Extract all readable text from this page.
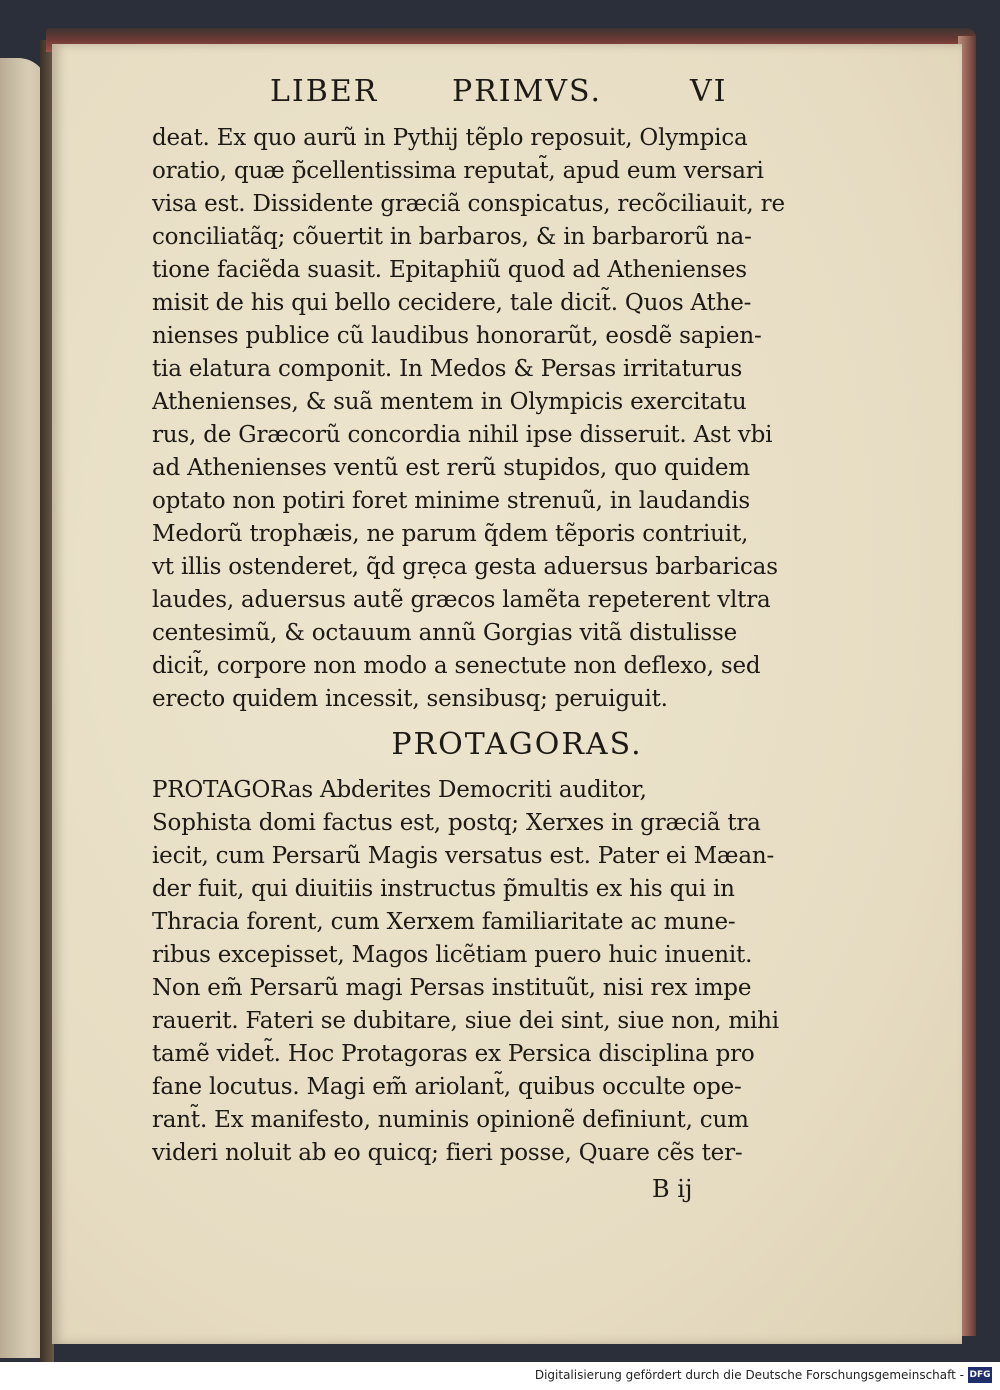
LIBER PRIMVS.	VI
deat. Ex quo aurũ in Pythij tẽplo reposuit, Olympica
oratio, quæ p̃cellentissima reputat̃, apud eum versari
visa est. Dissidente græciã conspicatus, recõciliauit, re
conciliatãq; cõuertit in barbaros, & in barbarorũ na‑
tione faciẽda suasit. Epitaphiũ quod ad Athenienses
misit de his qui bello cecidere, tale dicit̃. Quos Athe‑
nienses publice cũ laudibus honorarũt, eosdẽ sapien‑
tia elatura componit. In Medos & Persas irritaturus
Athenienses, & suã mentem in Olympicis exercitatu
rus, de Græcorũ concordia nihil ipse disseruit. Ast vbi
ad Athenienses ventũ est rerũ stupidos, quo quidem
optato non potiri foret minime strenuũ, in laudandis
Medorũ trophæis, ne parum q̃dem tẽporis contriuit,
vt illis ostenderet, q̃d grẹca gesta aduersus barbaricas
laudes, aduersus autẽ græcos lamẽta repeterent vltra
centesimũ, & octauum annũ Gorgias vitã distulisse
dicit̃, corpore non modo a senectute non deflexo, sed
erecto quidem incessit, sensibusq; peruiguit.
PROTAGORAS.
PROTAGORas Abderites Democriti auditor,
Sophista domi factus est, postq; Xerxes in græciã tra
iecit, cum Persarũ Magis versatus est. Pater ei Mæan‑
der fuit, qui diuitiis instructus p̃multis ex his qui in
Thracia forent, cum Xerxem familiaritate ac mune‑
ribus excepisset, Magos licẽtiam puero huic inuenit.
Non em̃ Persarũ magi Persas instituũt, nisi rex impe
rauerit. Fateri se dubitare, siue dei sint, siue non, mihi
tamẽ videt̃. Hoc Protagoras ex Persica disciplina pro
fane locutus. Magi em̃ ariolant̃, quibus occulte ope‑
rant̃. Ex manifesto, numinis opinionẽ definiunt, cum
videri noluit ab eo quicq; fieri posse, Quare cẽs ter‑
B ij
Digitalisierung gefördert durch die Deutsche Forschungsgemeinschaft - DFG
